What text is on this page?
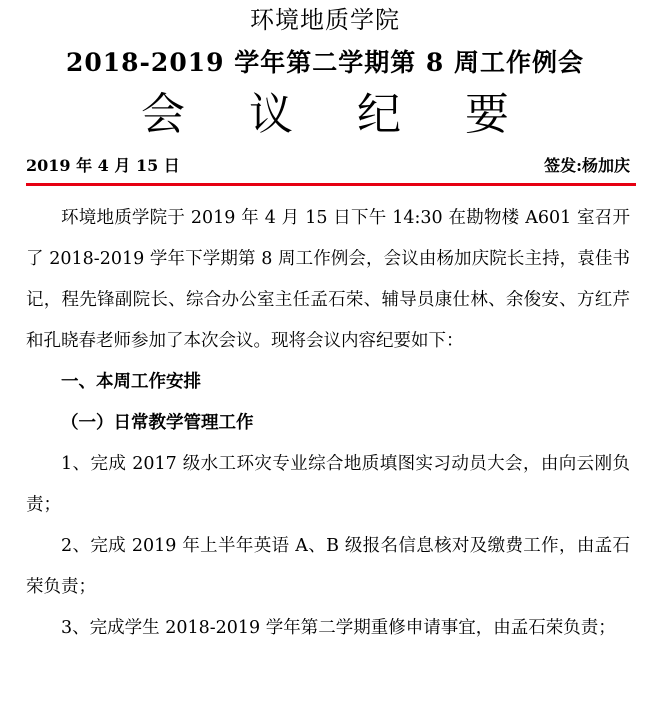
环境地质学院
2018-2019 学年第二学期第 8 周工作例会
会议纪要
2019 年 4 月 15 日	签发:杨加庆

环境地质学院于 2019 年 4 月 15 日下午 14:30 在勘物楼 A601 室召开了 2018-2019 学年下学期第 8 周工作例会，会议由杨加庆院长主持，袁佳书记，程先锋副院长、综合办公室主任孟石荣、辅导员康仕林、余俊安、方红芹和孔晓春老师参加了本次会议。现将会议内容纪要如下：

一、本周工作安排

（一）日常教学管理工作

1、完成 2017 级水工环灾专业综合地质填图实习动员大会，由向云刚负责；

2、完成 2019 年上半年英语 A、B 级报名信息核对及缴费工作，由孟石荣负责；

3、完成学生 2018-2019 学年第二学期重修申请事宜，由孟石荣负责；
